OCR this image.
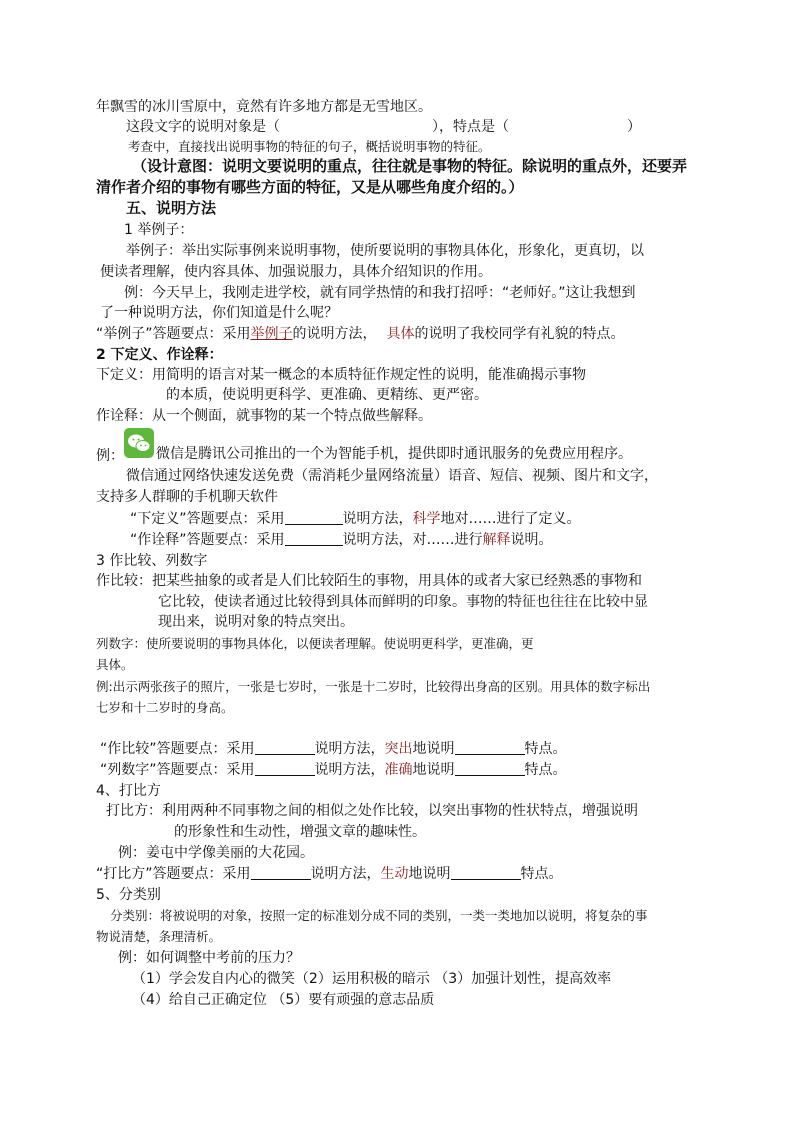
年飘雪的冰川雪原中，竟然有许多地方都是无雪地区。
这段文字的说明对象是（	），特点是（	）
考查中，直接找出说明事物的特征的句子，概括说明事物的特征。
（设计意图：说明文要说明的重点，往往就是事物的特征。除说明的重点外，还要弄
清作者介绍的事物有哪些方面的特征，又是从哪些角度介绍的。）
五、说明方法
1 举例子：
举例子：举出实际事例来说明事物，使所要说明的事物具体化，形象化，更真切，以
便读者理解，使内容具体、加强说服力，具体介绍知识的作用。
例：今天早上，我刚走进学校，就有同学热情的和我打招呼：“老师好。”这让我想到
了一种说明方法，你们知道是什么呢？
“举例子”答题要点：采用举例子的说明方法， 具体的说明了我校同学有礼貌的特点。
2 下定义、作诠释：
下定义：用简明的语言对某一概念的本质特征作规定性的说明，能准确揭示事物
的本质，使说明更科学、更准确、更精练、更严密。
作诠释：从一个侧面，就事物的某一个特点做些解释。
例： 微信是腾讯公司推出的一个为智能手机，提供即时通讯服务的免费应用程序。
微信通过网络快速发送免费（需消耗少量网络流量）语音、短信、视频、图片和文字，
支持多人群聊的手机聊天软件
“下定义”答题要点：采用	说明方法，科学地对……进行了定义。
“作诠释”答题要点：采用	说明方法，对……进行解释说明。
3 作比较、列数字
作比较：把某些抽象的或者是人们比较陌生的事物，用具体的或者大家已经熟悉的事物和
它比较，使读者通过比较得到具体而鲜明的印象。事物的特征也往往在比较中显
现出来，说明对象的特点突出。
列数字：使所要说明的事物具体化，以便读者理解。使说明更科学，更准确，更
具体。
例:出示两张孩子的照片，一张是七岁时，一张是十二岁时，比较得出身高的区别。用具体的数字标出
七岁和十二岁时的身高。
“作比较”答题要点：采用	说明方法，突出地说明	特点。
“列数字”答题要点：采用	说明方法，准确地说明	特点。
4、打比方
打比方：利用两种不同事物之间的相似之处作比较，以突出事物的性状特点，增强说明
的形象性和生动性，增强文章的趣味性。
例：姜屯中学像美丽的大花园。
“打比方”答题要点：采用	说明方法，生动地说明	特点。
5、分类别
分类别：将被说明的对象，按照一定的标准划分成不同的类别，一类一类地加以说明，将复杂的事
物说清楚，条理清析。
例：如何调整中考前的压力？
（1）学会发自内心的微笑（2）运用积极的暗示 （3）加强计划性，提高效率
（4）给自己正确定位 （5）要有顽强的意志品质
